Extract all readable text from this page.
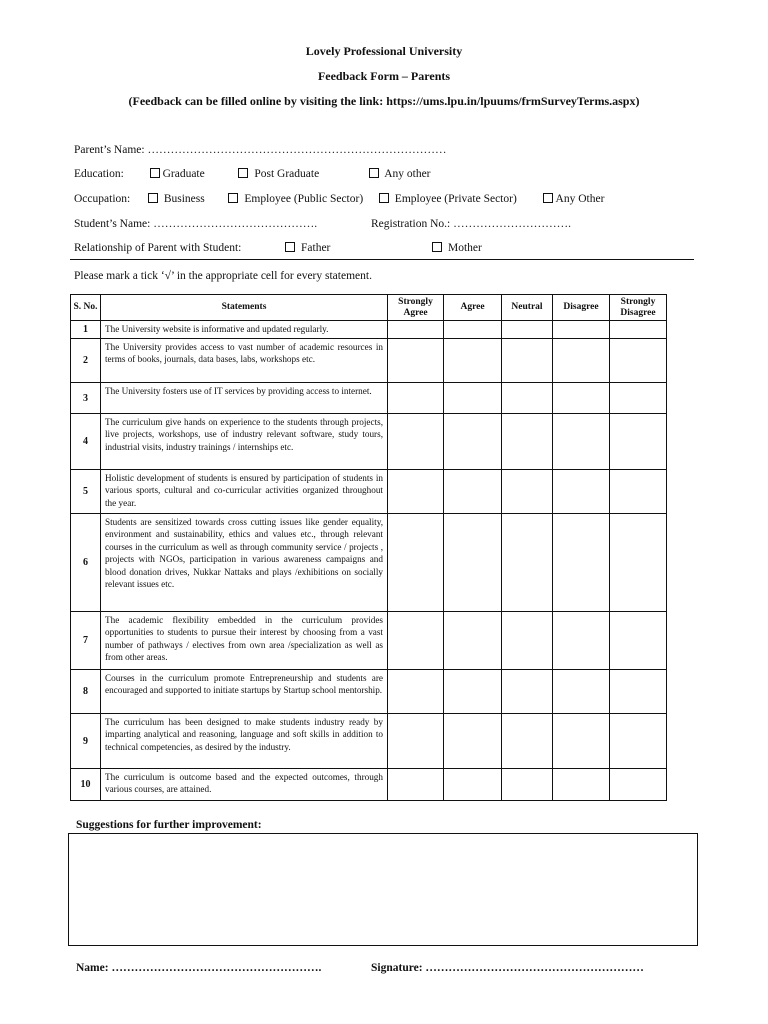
Lovely Professional University
Feedback Form – Parents
(Feedback can be filled online by visiting the link: https://ums.lpu.in/lpuums/frmSurveyTerms.aspx)
Parent’s Name: ……………………………………………………………………
Education:	Graduate	Post Graduate	Any other
Occupation:	Business	Employee (Public Sector)	Employee (Private Sector)	Any Other
Student’s Name: …………………………………….	Registration No.: ………………………….
Relationship of Parent with Student:	Father	Mother
Please mark a tick ‘√’ in the appropriate cell for every statement.
S. No.	Statements	Strongly Agree	Agree	Neutral	Disagree	Strongly Disagree
1	The University website is informative and updated regularly.					
2	The University provides access to vast number of academic resources in terms of books, journals, data bases, labs, workshops etc.					
3	The University fosters use of IT services by providing access to internet.					
4	The curriculum give hands on experience to the students through projects, live projects, workshops, use of industry relevant software, study tours, industrial visits, industry trainings / internships etc.					
5	Holistic development of students is ensured by participation of students in various sports, cultural and co-curricular activities organized throughout the year.					
6	Students are sensitized towards cross cutting issues like gender equality, environment and sustainability, ethics and values etc., through relevant courses in the curriculum as well as through community service / projects , projects with NGOs, participation in various awareness campaigns and blood donation drives, Nukkar Nattaks and plays /exhibitions on socially relevant issues etc.					
7	The academic flexibility embedded in the curriculum provides opportunities to students to pursue their interest by choosing from a vast number of pathways / electives from own area /specialization as well as from other areas.					
8	Courses in the curriculum promote Entrepreneurship and students are encouraged and supported to initiate startups by Startup school mentorship.					
9	The curriculum has been designed to make students industry ready by imparting analytical and reasoning, language and soft skills in addition to technical competencies, as desired by the industry.					
10	The curriculum is outcome based and the expected outcomes, through various courses, are attained.					
Suggestions for further improvement:
Name: ……………………………………………….	Signature: …………………………………………………
